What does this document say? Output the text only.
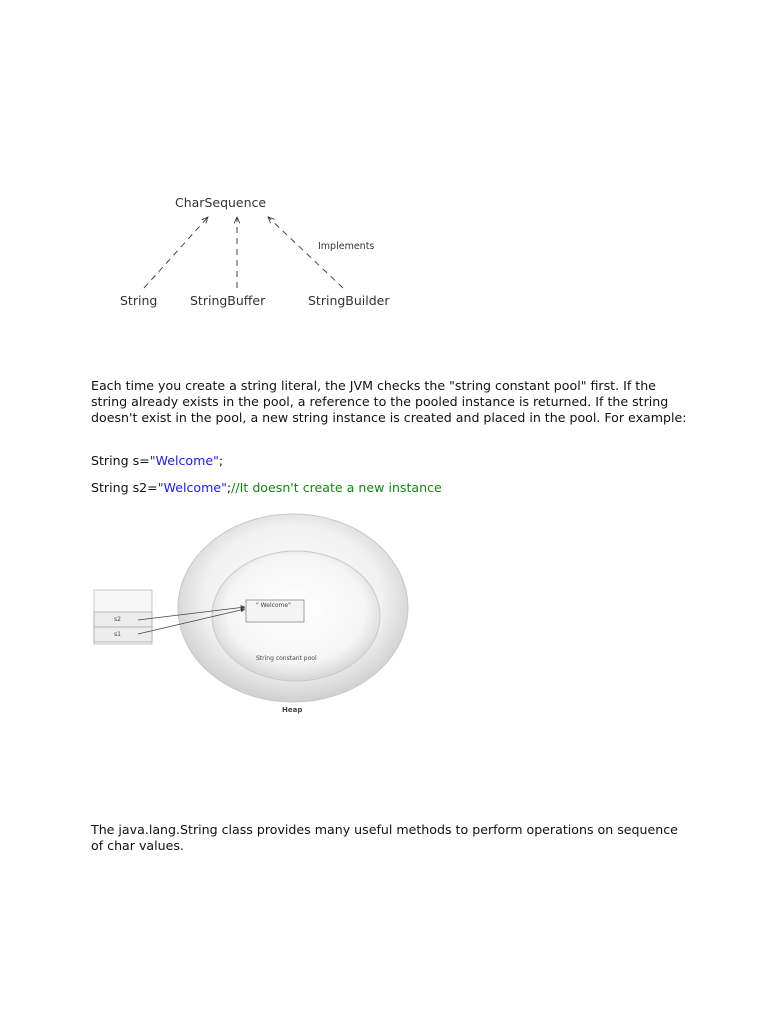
CharSequence
Implements
String	StringBuffer	StringBuilder
Each time you create a string literal, the JVM checks the "string constant pool" first. If the string already exists in the pool, a reference to the pooled instance is returned. If the string doesn't exist in the pool, a new string instance is created and placed in the pool. For example:
String s="Welcome";
String s2="Welcome";//It doesn't create a new instance
" Welcome"
s2
s1
String constant pool
Heap
The java.lang.String class provides many useful methods to perform operations on sequence of char values.
